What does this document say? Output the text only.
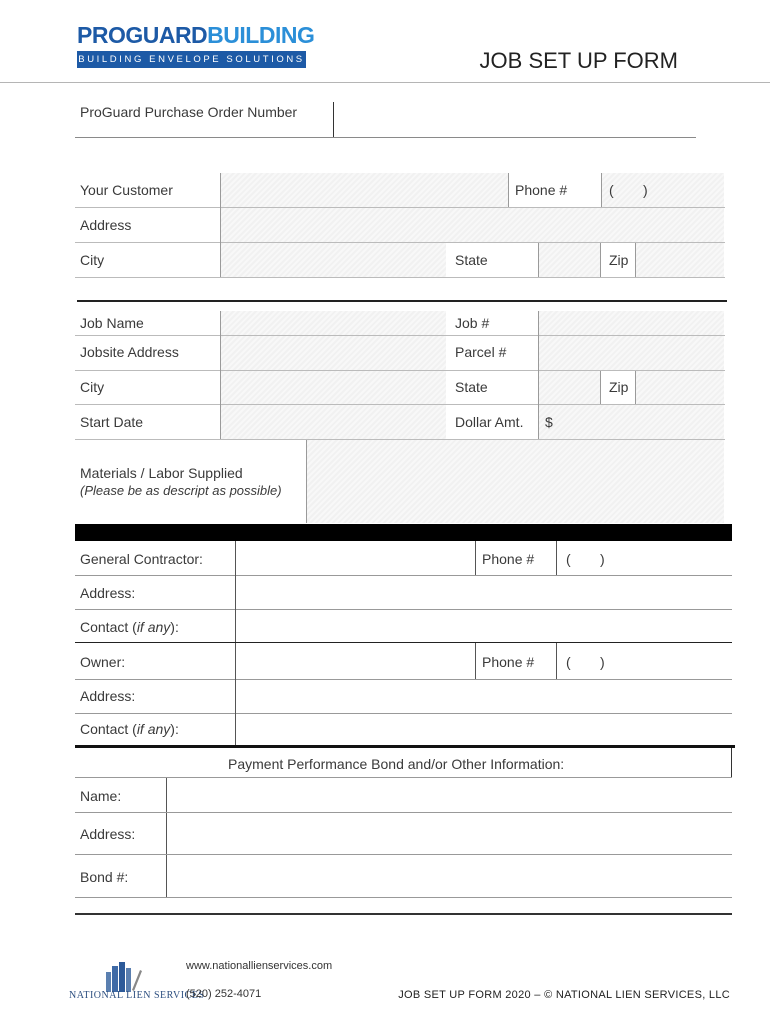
PROGUARDBUILDING
BUILDING ENVELOPE SOLUTIONS	JOB SET UP FORM
ProGuard Purchase Order Number
Your Customer	Phone #	( )
Address
City	State	Zip
Job Name	Job #
Jobsite Address	Parcel #
City	State	Zip
Start Date	Dollar Amt. $
Materials / Labor Supplied
(Please be as descript as possible)
General Contractor:	Phone # ( )
Address:
Contact (if any):
Owner:	Phone # ( )
Address:
Contact (if any):
Payment Performance Bond and/or Other Information:
Name:
Address:
Bond #:
NATIONAL LIEN SERVICES
www.nationallienservices.com
(520) 252-4071	JOB SET UP FORM 2020 – © NATIONAL LIEN SERVICES, LLC
